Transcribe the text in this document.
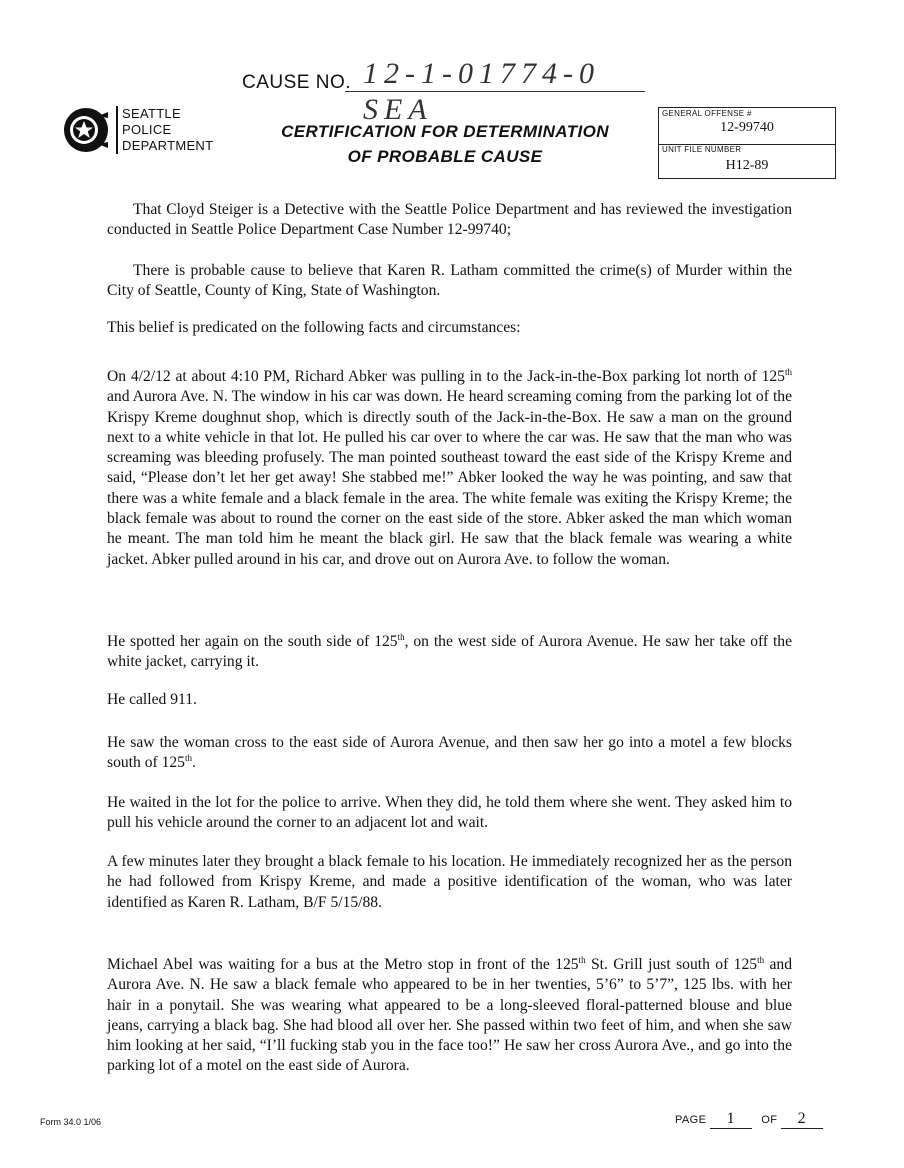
CAUSE NO. 12-1-01774-0 SEA
SEATTLE
POLICE
DEPARTMENT
CERTIFICATION FOR DETERMINATION
OF PROBABLE CAUSE
GENERAL OFFENSE #
12-99740
UNIT FILE NUMBER
H12-89
That Cloyd Steiger is a Detective with the Seattle Police Department and has reviewed the investigation conducted in Seattle Police Department Case Number 12-99740;
There is probable cause to believe that Karen R. Latham committed the crime(s) of Murder within the City of Seattle, County of King, State of Washington.
This belief is predicated on the following facts and circumstances:
On 4/2/12 at about 4:10 PM, Richard Abker was pulling in to the Jack-in-the-Box parking lot north of 125th and Aurora Ave. N. The window in his car was down. He heard screaming coming from the parking lot of the Krispy Kreme doughnut shop, which is directly south of the Jack-in-the-Box. He saw a man on the ground next to a white vehicle in that lot. He pulled his car over to where the car was. He saw that the man who was screaming was bleeding profusely. The man pointed southeast toward the east side of the Krispy Kreme and said, “Please don’t let her get away! She stabbed me!” Abker looked the way he was pointing, and saw that there was a white female and a black female in the area. The white female was exiting the Krispy Kreme; the black female was about to round the corner on the east side of the store. Abker asked the man which woman he meant. The man told him he meant the black girl. He saw that the black female was wearing a white jacket. Abker pulled around in his car, and drove out on Aurora Ave. to follow the woman.
He spotted her again on the south side of 125th, on the west side of Aurora Avenue. He saw her take off the white jacket, carrying it.
He called 911.
He saw the woman cross to the east side of Aurora Avenue, and then saw her go into a motel a few blocks south of 125th.
He waited in the lot for the police to arrive. When they did, he told them where she went. They asked him to pull his vehicle around the corner to an adjacent lot and wait.
A few minutes later they brought a black female to his location. He immediately recognized her as the person he had followed from Krispy Kreme, and made a positive identification of the woman, who was later identified as Karen R. Latham, B/F 5/15/88.
Michael Abel was waiting for a bus at the Metro stop in front of the 125th St. Grill just south of 125th and Aurora Ave. N. He saw a black female who appeared to be in her twenties, 5’6” to 5’7”, 125 lbs. with her hair in a ponytail. She was wearing what appeared to be a long-sleeved floral-patterned blouse and blue jeans, carrying a black bag. She had blood all over her. She passed within two feet of him, and when she saw him looking at her said, “I’ll fucking stab you in the face too!” He saw her cross Aurora Ave., and go into the parking lot of a motel on the east side of Aurora.
Form 34.0 1/06	PAGE 1 OF 2
